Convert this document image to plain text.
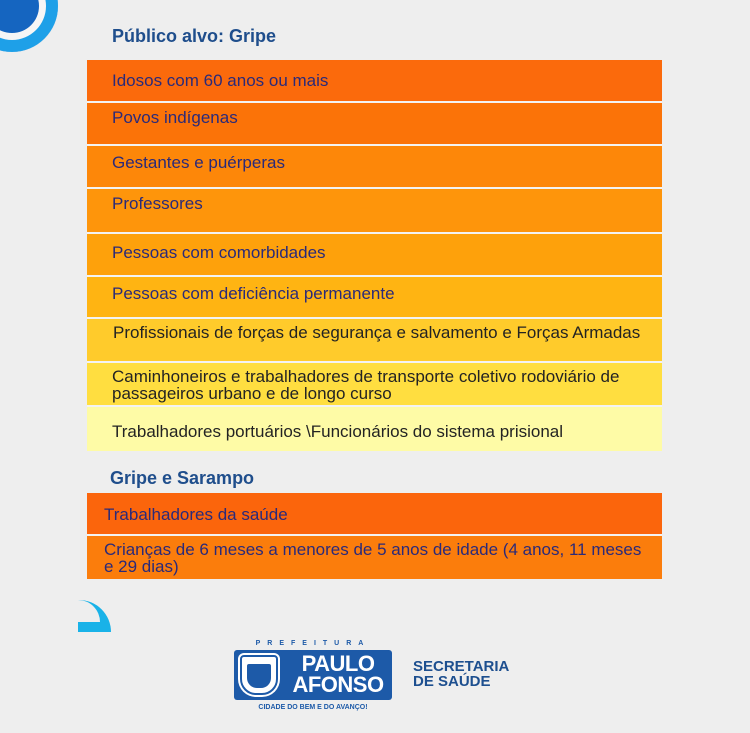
Público alvo: Gripe
Idosos com 60 anos ou mais
Povos indígenas
Gestantes e puérperas
Professores
Pessoas com comorbidades
Pessoas com deficiência permanente
Profissionais de forças de segurança e salvamento e Forças Armadas
Caminhoneiros e trabalhadores de transporte coletivo rodoviário de passageiros urbano e de longo curso
Trabalhadores portuários \Funcionários do sistema prisional
Gripe e Sarampo
Trabalhadores da saúde
Crianças de 6 meses a menores de 5 anos de idade (4 anos, 11 meses e 29 dias)
PREFEITURA
PAULO
AFONSO
CIDADE DO BEM E DO AVANÇO!
SECRETARIA
DE SAÚDE
